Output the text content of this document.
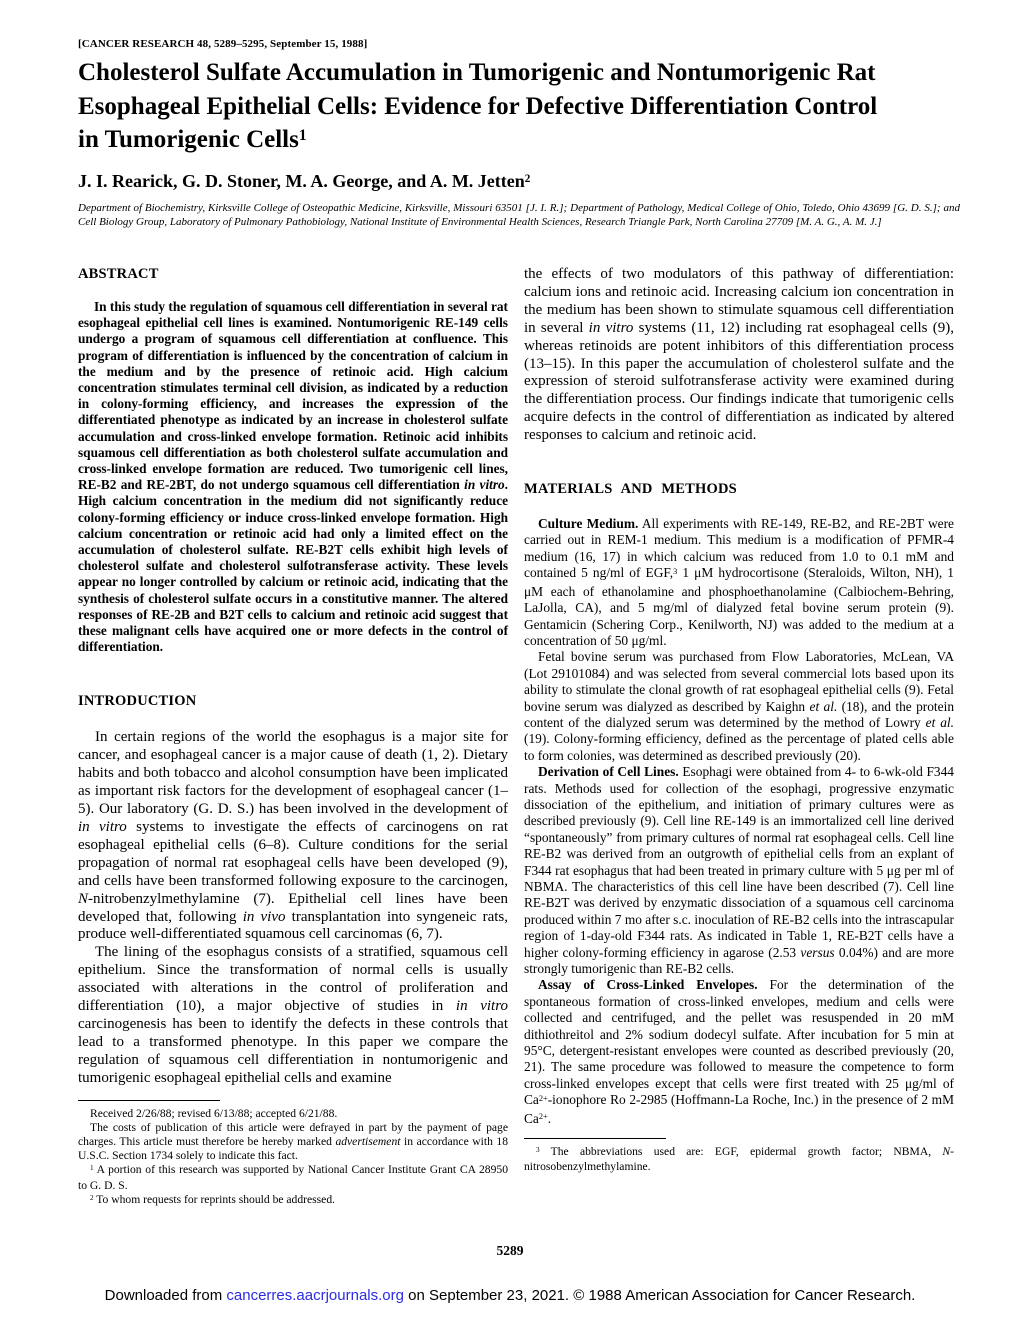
[CANCER RESEARCH 48, 5289–5295, September 15, 1988]
Cholesterol Sulfate Accumulation in Tumorigenic and Nontumorigenic Rat
Esophageal Epithelial Cells: Evidence for Defective Differentiation Control
in Tumorigenic Cells$^1$
J. I. Rearick, G. D. Stoner, M. A. George, and A. M. Jetten$^2$
Department of Biochemistry, Kirksville College of Osteopathic Medicine, Kirksville, Missouri 63501 [J. I. R.]; Department of Pathology, Medical College of Ohio, Toledo, Ohio 43699 [G. D. S.]; and Cell Biology Group, Laboratory of Pulmonary Pathobiology, National Institute of Environmental Health Sciences, Research Triangle Park, North Carolina 27709 [M. A. G., A. M. J.]
ABSTRACT

In this study the regulation of squamous cell differentiation in several rat esophageal epithelial cell lines is examined. Nontumorigenic RE-149 cells undergo a program of squamous cell differentiation at confluence. This program of differentiation is influenced by the concentration of calcium in the medium and by the presence of retinoic acid. High calcium concentration stimulates terminal cell division, as indicated by a reduction in colony-forming efficiency, and increases the expression of the differentiated phenotype as indicated by an increase in cholesterol sulfate accumulation and cross-linked envelope formation. Retinoic acid inhibits squamous cell differentiation as both cholesterol sulfate accumulation and cross-linked envelope formation are reduced. Two tumorigenic cell lines, RE-B2 and RE-2BT, do not undergo squamous cell differentiation in vitro. High calcium concentration in the medium did not significantly reduce colony-forming efficiency or induce cross-linked envelope formation. High calcium concentration or retinoic acid had only a limited effect on the accumulation of cholesterol sulfate. RE-B2T cells exhibit high levels of cholesterol sulfate and cholesterol sulfotransferase activity. These levels appear no longer controlled by calcium or retinoic acid, indicating that the synthesis of cholesterol sulfate occurs in a constitutive manner. The altered responses of RE-2B and B2T cells to calcium and retinoic acid suggest that these malignant cells have acquired one or more defects in the control of differentiation.

INTRODUCTION

In certain regions of the world the esophagus is a major site for cancer, and esophageal cancer is a major cause of death (1, 2). Dietary habits and both tobacco and alcohol consumption have been implicated as important risk factors for the development of esophageal cancer (1–5). Our laboratory (G. D. S.) has been involved in the development of in vitro systems to investigate the effects of carcinogens on rat esophageal epithelial cells (6–8). Culture conditions for the serial propagation of normal rat esophageal cells have been developed (9), and cells have been transformed following exposure to the carcinogen, N-nitrobenzylmethylamine (7). Epithelial cell lines have been developed that, following in vivo transplantation into syngeneic rats, produce well-differentiated squamous cell carcinomas (6, 7).

The lining of the esophagus consists of a stratified, squamous cell epithelium. Since the transformation of normal cells is usually associated with alterations in the control of proliferation and differentiation (10), a major objective of studies in in vitro carcinogenesis has been to identify the defects in these controls that lead to a transformed phenotype. In this paper we compare the regulation of squamous cell differentiation in nontumorigenic and tumorigenic esophageal epithelial cells and examine

Received 2/26/88; revised 6/13/88; accepted 6/21/88.

The costs of publication of this article were defrayed in part by the payment of page charges. This article must therefore be hereby marked advertisement in accordance with 18 U.S.C. Section 1734 solely to indicate this fact.

$^1$ A portion of this research was supported by National Cancer Institute Grant CA 28950 to G. D. S.

$^2$ To whom requests for reprints should be addressed.

the effects of two modulators of this pathway of differentiation: calcium ions and retinoic acid. Increasing calcium ion concentration in the medium has been shown to stimulate squamous cell differentiation in several in vitro systems (11, 12) including rat esophageal cells (9), whereas retinoids are potent inhibitors of this differentiation process (13–15). In this paper the accumulation of cholesterol sulfate and the expression of steroid sulfotransferase activity were examined during the differentiation process. Our findings indicate that tumorigenic cells acquire defects in the control of differentiation as indicated by altered responses to calcium and retinoic acid.

MATERIALS AND METHODS

Culture Medium. All experiments with RE-149, RE-B2, and RE-2BT were carried out in REM-1 medium. This medium is a modification of PFMR-4 medium (16, 17) in which calcium was reduced from 1.0 to 0.1 mM and contained 5 ng/ml of EGF,$^3$ 1 μM hydrocortisone (Steraloids, Wilton, NH), 1 μM each of ethanolamine and phosphoethanolamine (Calbiochem-Behring, LaJolla, CA), and 5 mg/ml of dialyzed fetal bovine serum protein (9). Gentamicin (Schering Corp., Kenilworth, NJ) was added to the medium at a concentration of 50 μg/ml.

Fetal bovine serum was purchased from Flow Laboratories, McLean, VA (Lot 29101084) and was selected from several commercial lots based upon its ability to stimulate the clonal growth of rat esophageal epithelial cells (9). Fetal bovine serum was dialyzed as described by Kaighn et al. (18), and the protein content of the dialyzed serum was determined by the method of Lowry et al. (19). Colony-forming efficiency, defined as the percentage of plated cells able to form colonies, was determined as described previously (20).

Derivation of Cell Lines. Esophagi were obtained from 4- to 6-wk-old F344 rats. Methods used for collection of the esophagi, progressive enzymatic dissociation of the epithelium, and initiation of primary cultures were as described previously (9). Cell line RE-149 is an immortalized cell line derived “spontaneously” from primary cultures of normal rat esophageal cells. Cell line RE-B2 was derived from an outgrowth of epithelial cells from an explant of F344 rat esophagus that had been treated in primary culture with 5 μg per ml of NBMA. The characteristics of this cell line have been described (7). Cell line RE-B2T was derived by enzymatic dissociation of a squamous cell carcinoma produced within 7 mo after s.c. inoculation of RE-B2 cells into the intrascapular region of 1-day-old F344 rats. As indicated in Table 1, RE-B2T cells have a higher colony-forming efficiency in agarose (2.53 versus 0.04%) and are more strongly tumorigenic than RE-B2 cells.

Assay of Cross-Linked Envelopes. For the determination of the spontaneous formation of cross-linked envelopes, medium and cells were collected and centrifuged, and the pellet was resuspended in 20 mM dithiothreitol and 2% sodium dodecyl sulfate. After incubation for 5 min at 95°C, detergent-resistant envelopes were counted as described previously (20, 21). The same procedure was followed to measure the competence to form cross-linked envelopes except that cells were first treated with 25 μg/ml of $Ca^{2+}$-ionophore Ro 2-2985 (Hoffmann-La Roche, Inc.) in the presence of 2 mM $Ca^{2+}$.

$^3$ The abbreviations used are: EGF, epidermal growth factor; NBMA, N-nitrosobenzylmethylamine.

5289
Downloaded from cancerres.aacrjournals.org on September 23, 2021. © 1988 American Association for Cancer Research.
